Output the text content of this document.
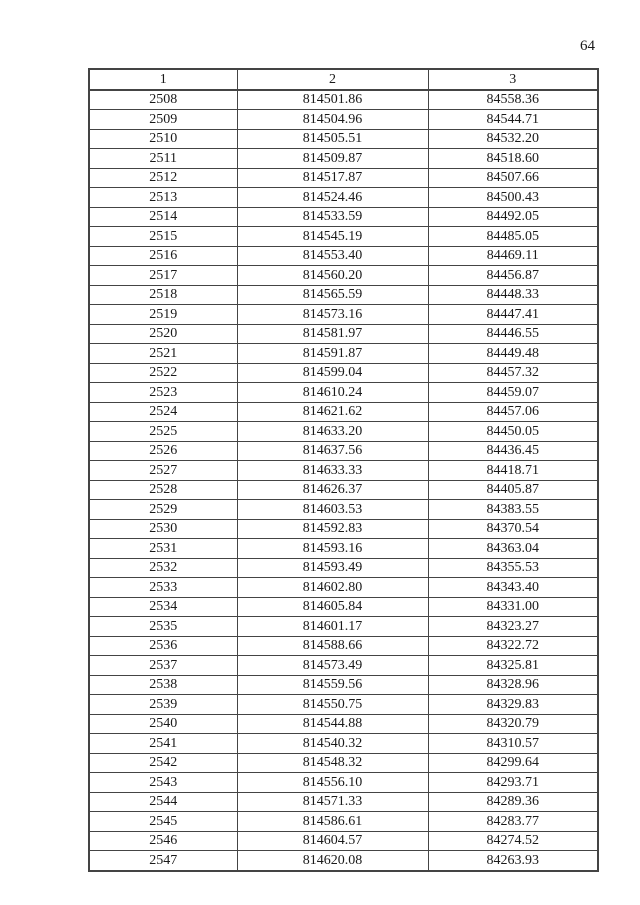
64
1	2	3
2508	814501.86	84558.36
2509	814504.96	84544.71
2510	814505.51	84532.20
2511	814509.87	84518.60
2512	814517.87	84507.66
2513	814524.46	84500.43
2514	814533.59	84492.05
2515	814545.19	84485.05
2516	814553.40	84469.11
2517	814560.20	84456.87
2518	814565.59	84448.33
2519	814573.16	84447.41
2520	814581.97	84446.55
2521	814591.87	84449.48
2522	814599.04	84457.32
2523	814610.24	84459.07
2524	814621.62	84457.06
2525	814633.20	84450.05
2526	814637.56	84436.45
2527	814633.33	84418.71
2528	814626.37	84405.87
2529	814603.53	84383.55
2530	814592.83	84370.54
2531	814593.16	84363.04
2532	814593.49	84355.53
2533	814602.80	84343.40
2534	814605.84	84331.00
2535	814601.17	84323.27
2536	814588.66	84322.72
2537	814573.49	84325.81
2538	814559.56	84328.96
2539	814550.75	84329.83
2540	814544.88	84320.79
2541	814540.32	84310.57
2542	814548.32	84299.64
2543	814556.10	84293.71
2544	814571.33	84289.36
2545	814586.61	84283.77
2546	814604.57	84274.52
2547	814620.08	84263.93
